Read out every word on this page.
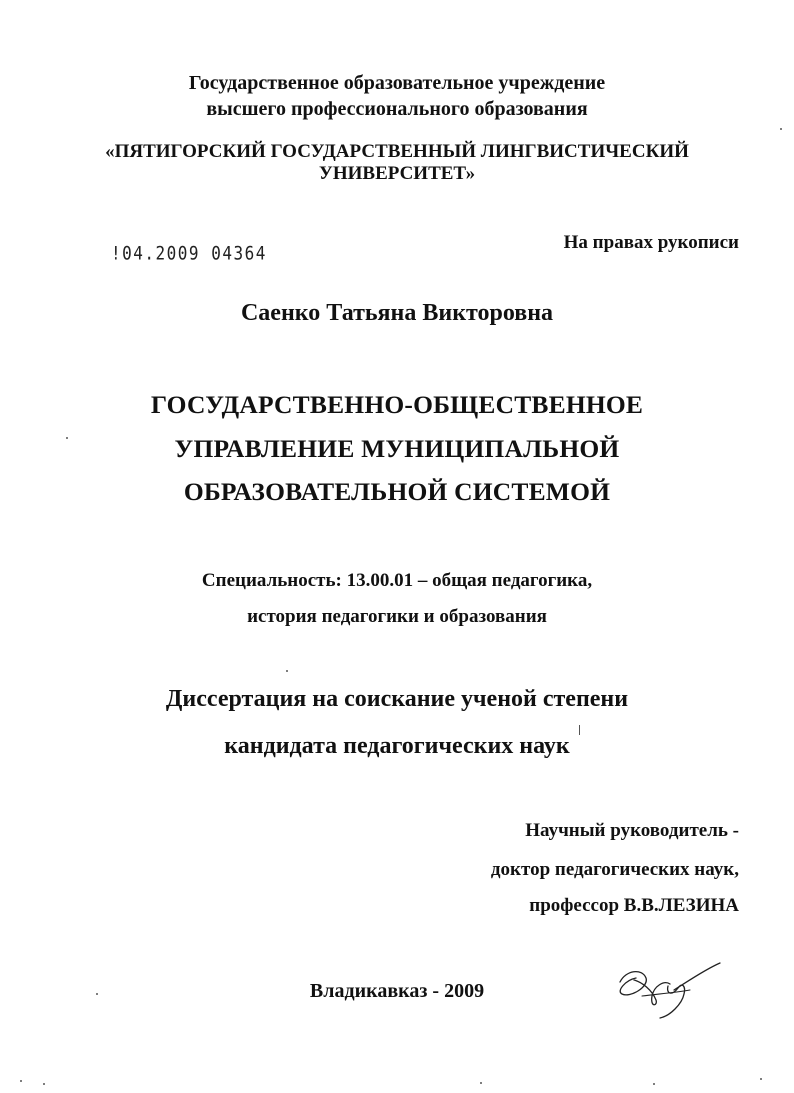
Государственное образовательное учреждение
высшего профессионального образования
«ПЯТИГОРСКИЙ ГОСУДАРСТВЕННЫЙ ЛИНГВИСТИЧЕСКИЙ
УНИВЕРСИТЕТ»
!04.2009 04364	На правах рукописи
Саенко Татьяна Викторовна
ГОСУДАРСТВЕННО-ОБЩЕСТВЕННОЕ
УПРАВЛЕНИЕ МУНИЦИПАЛЬНОЙ
ОБРАЗОВАТЕЛЬНОЙ СИСТЕМОЙ
Специальность: 13.00.01 – общая педагогика,
история педагогики и образования
Диссертация на соискание ученой степени
кандидата педагогических наук
Научный руководитель -
доктор педагогических наук,
профессор В.В.ЛЕЗИНА
Владикавказ - 2009
